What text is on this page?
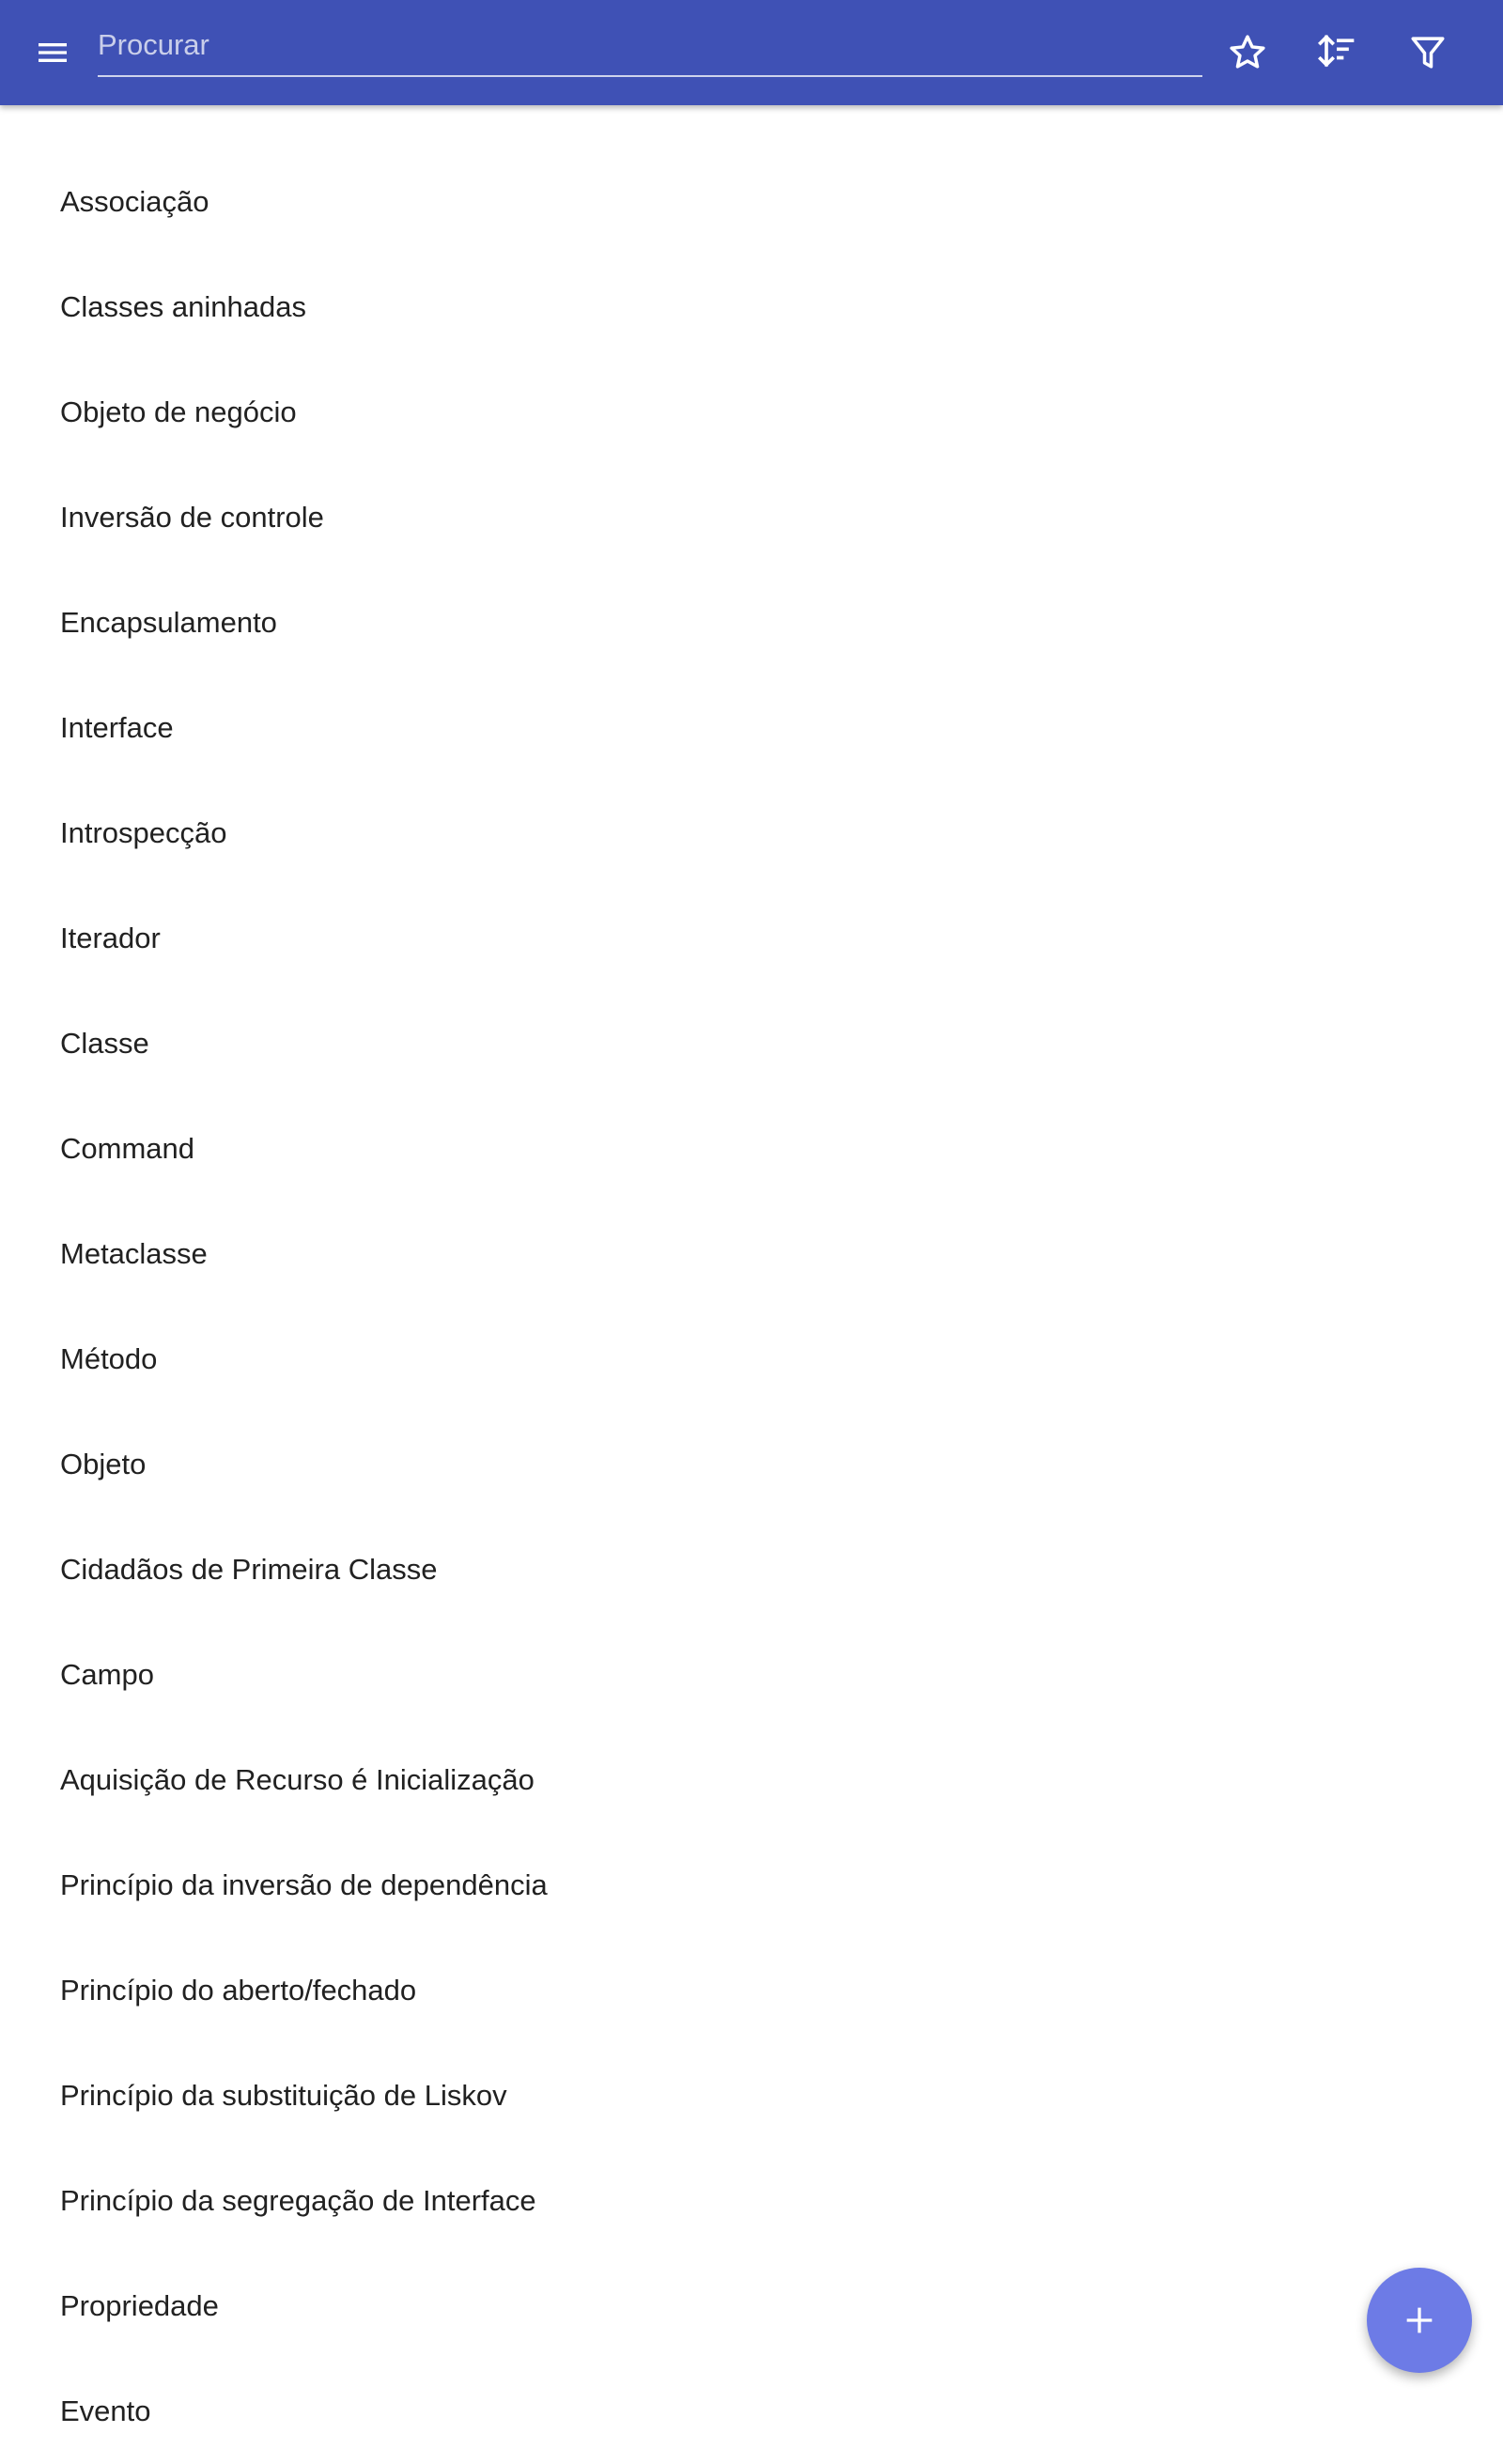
Procurar
Associação
Classes aninhadas
Objeto de negócio
Inversão de controle
Encapsulamento
Interface
Introspecção
Iterador
Classe
Command
Metaclasse
Método
Objeto
Cidadãos de Primeira Classe
Campo
Aquisição de Recurso é Inicialização
Princípio da inversão de dependência
Princípio do aberto/fechado
Princípio da substituição de Liskov
Princípio da segregação de Interface
Propriedade
Evento
